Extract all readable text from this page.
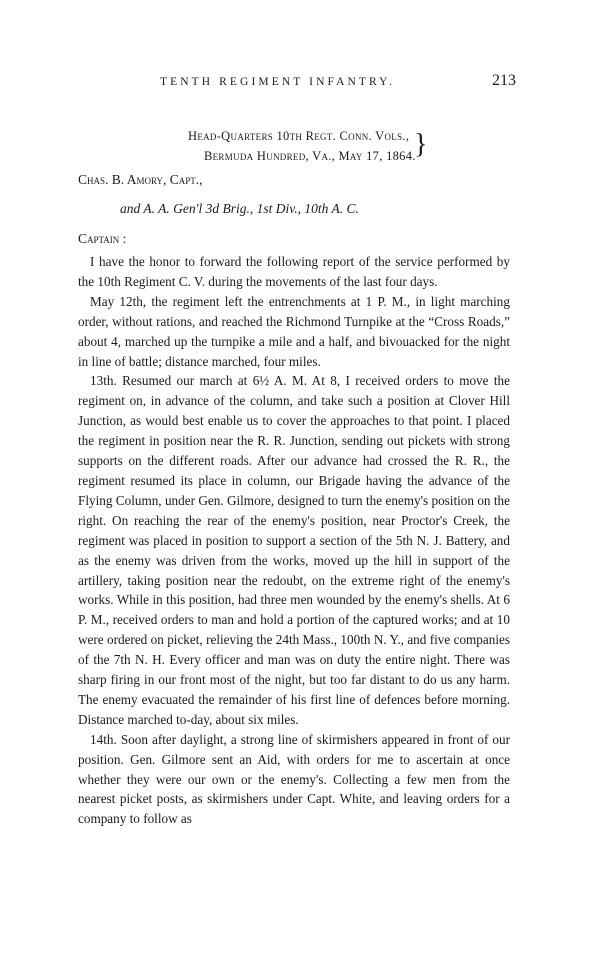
TENTH REGIMENT INFANTRY.	213
Head-Quarters 10th Regt. Conn. Vols.,
Bermuda Hundred, Va., May 17, 1864.
}
Chas. B. Amory, Capt.,
and A. A. Gen'l 3d Brig., 1st Div., 10th A. C.
Captain :

I have the honor to forward the following report of the service performed by the 10th Regiment C. V. during the movements of the last four days.

May 12th, the regiment left the entrenchments at 1 P. M., in light marching order, without rations, and reached the Richmond Turnpike at the “Cross Roads,” about 4, marched up the turnpike a mile and a half, and bivouacked for the night in line of battle; distance marched, four miles.

13th. Resumed our march at 6½ A. M. At 8, I received orders to move the regiment on, in advance of the column, and take such a position at Clover Hill Junction, as would best enable us to cover the approaches to that point. I placed the regiment in position near the R. R. Junction, sending out pickets with strong supports on the different roads. After our advance had crossed the R. R., the regiment resumed its place in column, our Brigade having the advance of the Flying Column, under Gen. Gilmore, designed to turn the enemy's position on the right. On reaching the rear of the enemy's position, near Proctor's Creek, the regiment was placed in position to support a section of the 5th N. J. Battery, and as the enemy was driven from the works, moved up the hill in support of the artillery, taking position near the redoubt, on the extreme right of the enemy's works. While in this position, had three men wounded by the enemy's shells. At 6 P. M., received orders to man and hold a portion of the captured works; and at 10 were ordered on picket, relieving the 24th Mass., 100th N. Y., and five companies of the 7th N. H. Every officer and man was on duty the entire night. There was sharp firing in our front most of the night, but too far distant to do us any harm. The enemy evacuated the remainder of his first line of defences before morning. Distance marched to-day, about six miles.

14th. Soon after daylight, a strong line of skirmishers appeared in front of our position. Gen. Gilmore sent an Aid, with orders for me to ascertain at once whether they were our own or the enemy's. Collecting a few men from the nearest picket posts, as skirmishers under Capt. White, and leaving orders for a company to follow as
